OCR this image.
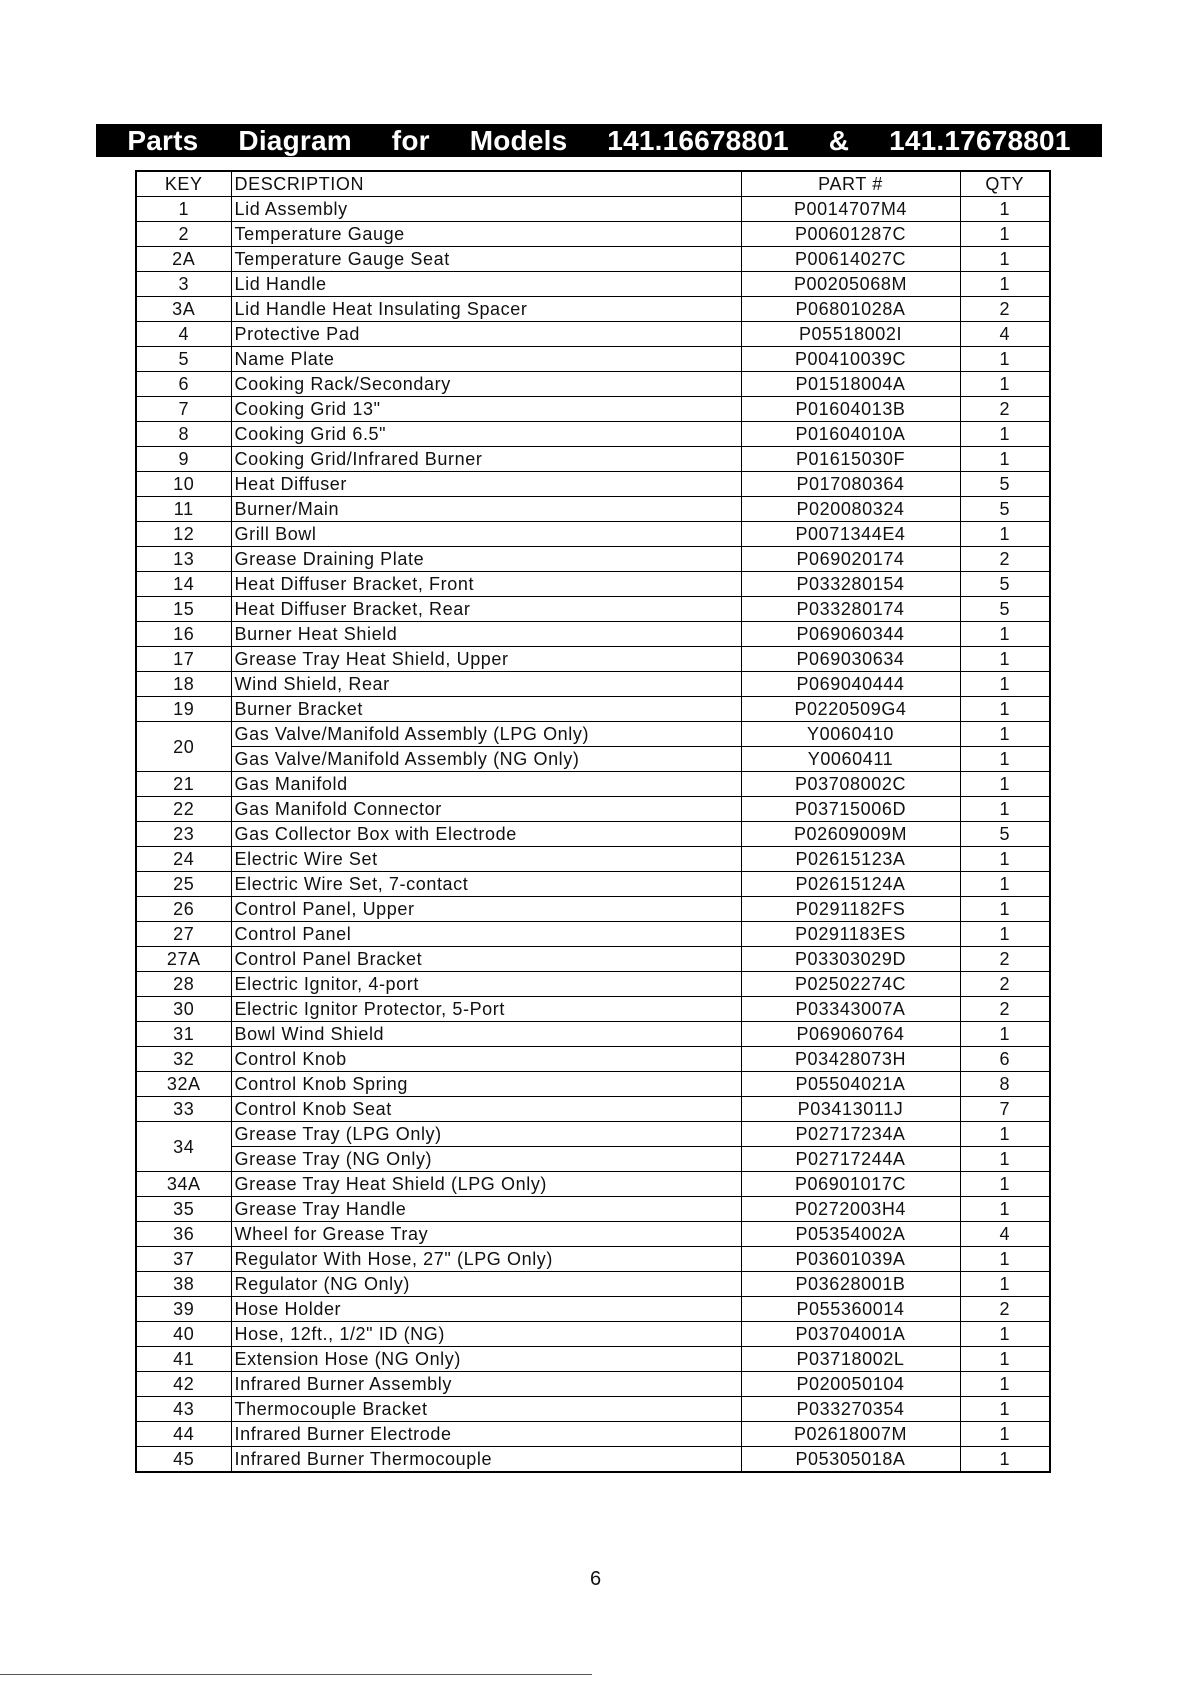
Parts  Diagram  for  Models  141.16678801  &  141.17678801
KEY	DESCRIPTION	PART #	QTY
1	Lid Assembly	P0014707M4	1
2	Temperature Gauge	P00601287C	1
2A	Temperature Gauge Seat	P00614027C	1
3	Lid Handle	P00205068M	1
3A	Lid Handle Heat Insulating Spacer	P06801028A	2
4	Protective Pad	P05518002I	4
5	Name Plate	P00410039C	1
6	Cooking Rack/Secondary	P01518004A	1
7	Cooking Grid 13"	P01604013B	2
8	Cooking Grid 6.5"	P01604010A	1
9	Cooking Grid/Infrared Burner	P01615030F	1
10	Heat Diffuser	P017080364	5
11	Burner/Main	P020080324	5
12	Grill Bowl	P0071344E4	1
13	Grease Draining Plate	P069020174	2
14	Heat Diffuser Bracket, Front	P033280154	5
15	Heat Diffuser Bracket, Rear	P033280174	5
16	Burner Heat Shield	P069060344	1
17	Grease Tray Heat Shield, Upper	P069030634	1
18	Wind Shield, Rear	P069040444	1
19	Burner Bracket	P0220509G4	1
20	Gas Valve/Manifold Assembly (LPG Only)	Y0060410	1
	Gas Valve/Manifold Assembly (NG Only)	Y0060411	1
21	Gas Manifold	P03708002C	1
22	Gas Manifold Connector	P03715006D	1
23	Gas Collector Box with Electrode	P02609009M	5
24	Electric Wire Set	P02615123A	1
25	Electric Wire Set, 7-contact	P02615124A	1
26	Control Panel, Upper	P0291182FS	1
27	Control Panel	P0291183ES	1
27A	Control Panel Bracket	P03303029D	2
28	Electric Ignitor, 4-port	P02502274C	2
30	Electric Ignitor Protector, 5-Port	P03343007A	2
31	Bowl Wind Shield	P069060764	1
32	Control Knob	P03428073H	6
32A	Control Knob Spring	P05504021A	8
33	Control Knob Seat	P03413011J	7
34	Grease Tray (LPG Only)	P02717234A	1
	Grease Tray (NG Only)	P02717244A	1
34A	Grease Tray Heat Shield (LPG Only)	P06901017C	1
35	Grease Tray Handle	P0272003H4	1
36	Wheel for Grease Tray	P05354002A	4
37	Regulator With Hose, 27" (LPG Only)	P03601039A	1
38	Regulator (NG Only)	P03628001B	1
39	Hose Holder	P055360014	2
40	Hose, 12ft., 1/2" ID (NG)	P03704001A	1
41	Extension Hose (NG Only)	P03718002L	1
42	Infrared Burner Assembly	P020050104	1
43	Thermocouple Bracket	P033270354	1
44	Infrared Burner Electrode	P02618007M	1
45	Infrared Burner Thermocouple	P05305018A	1
6
